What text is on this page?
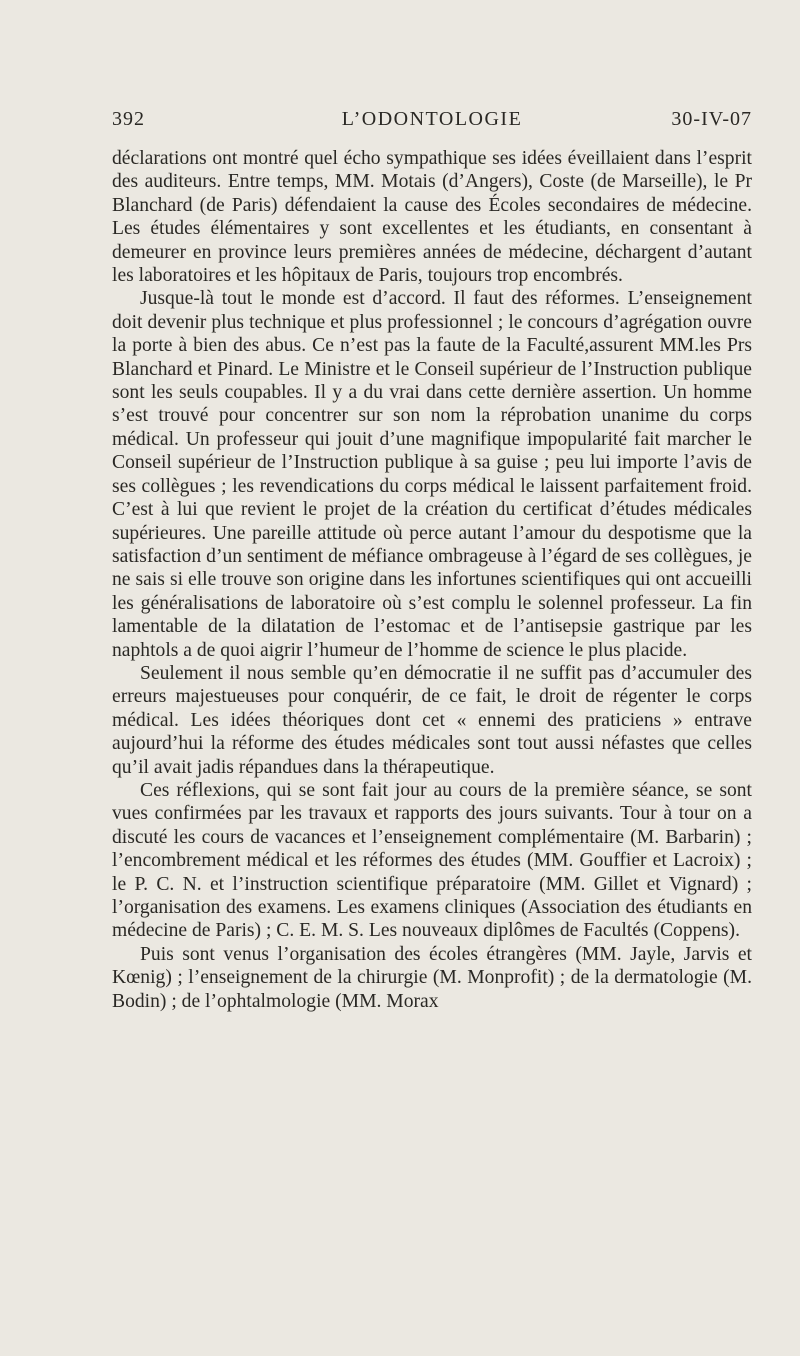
392	L’ODONTOLOGIE	30-IV-07

déclarations ont montré quel écho sympathique ses idées éveillaient dans l’esprit des auditeurs. Entre temps, MM. Motais (d’Angers), Coste (de Marseille), le Pr Blanchard (de Paris) défendaient la cause des Écoles secondaires de médecine. Les études élémentaires y sont excellentes et les étudiants, en consentant à demeurer en province leurs premières années de médecine, déchargent d’autant les laboratoires et les hôpitaux de Paris, toujours trop encombrés.

Jusque-là tout le monde est d’accord. Il faut des réformes. L’enseignement doit devenir plus technique et plus professionnel ; le concours d’agrégation ouvre la porte à bien des abus. Ce n’est pas la faute de la Faculté,assurent MM.les Prs Blanchard et Pinard. Le Ministre et le Conseil supérieur de l’Instruction publique sont les seuls coupables. Il y a du vrai dans cette dernière assertion. Un homme s’est trouvé pour concentrer sur son nom la réprobation unanime du corps médical. Un professeur qui jouit d’une magnifique impopularité fait marcher le Conseil supérieur de l’Instruction publique à sa guise ; peu lui importe l’avis de ses collègues ; les revendications du corps médical le laissent parfaitement froid. C’est à lui que revient le projet de la création du certificat d’études médicales supérieures. Une pareille attitude où perce autant l’amour du despotisme que la satisfaction d’un sentiment de méfiance ombrageuse à l’égard de ses collègues, je ne sais si elle trouve son origine dans les infortunes scientifiques qui ont accueilli les généralisations de laboratoire où s’est complu le solennel professeur. La fin lamentable de la dilatation de l’estomac et de l’antisepsie gastrique par les naphtols a de quoi aigrir l’humeur de l’homme de science le plus placide.

Seulement il nous semble qu’en démocratie il ne suffit pas d’accumuler des erreurs majestueuses pour conquérir, de ce fait, le droit de régenter le corps médical. Les idées théoriques dont cet « ennemi des praticiens » entrave aujourd’hui la réforme des études médicales sont tout aussi néfastes que celles qu’il avait jadis répandues dans la thérapeutique.

Ces réflexions, qui se sont fait jour au cours de la première séance, se sont vues confirmées par les travaux et rapports des jours suivants. Tour à tour on a discuté les cours de vacances et l’enseignement complémentaire (M. Barbarin) ; l’encombrement médical et les réformes des études (MM. Gouffier et Lacroix) ; le P. C. N. et l’instruction scientifique préparatoire (MM. Gillet et Vignard) ; l’organisation des examens. Les examens cliniques (Association des étudiants en médecine de Paris) ; C. E. M. S. Les nouveaux diplômes de Facultés (Coppens).

Puis sont venus l’organisation des écoles étrangères (MM. Jayle, Jarvis et Kœnig) ; l’enseignement de la chirurgie (M. Monprofit) ; de la dermatologie (M. Bodin) ; de l’ophtalmologie (MM. Morax
